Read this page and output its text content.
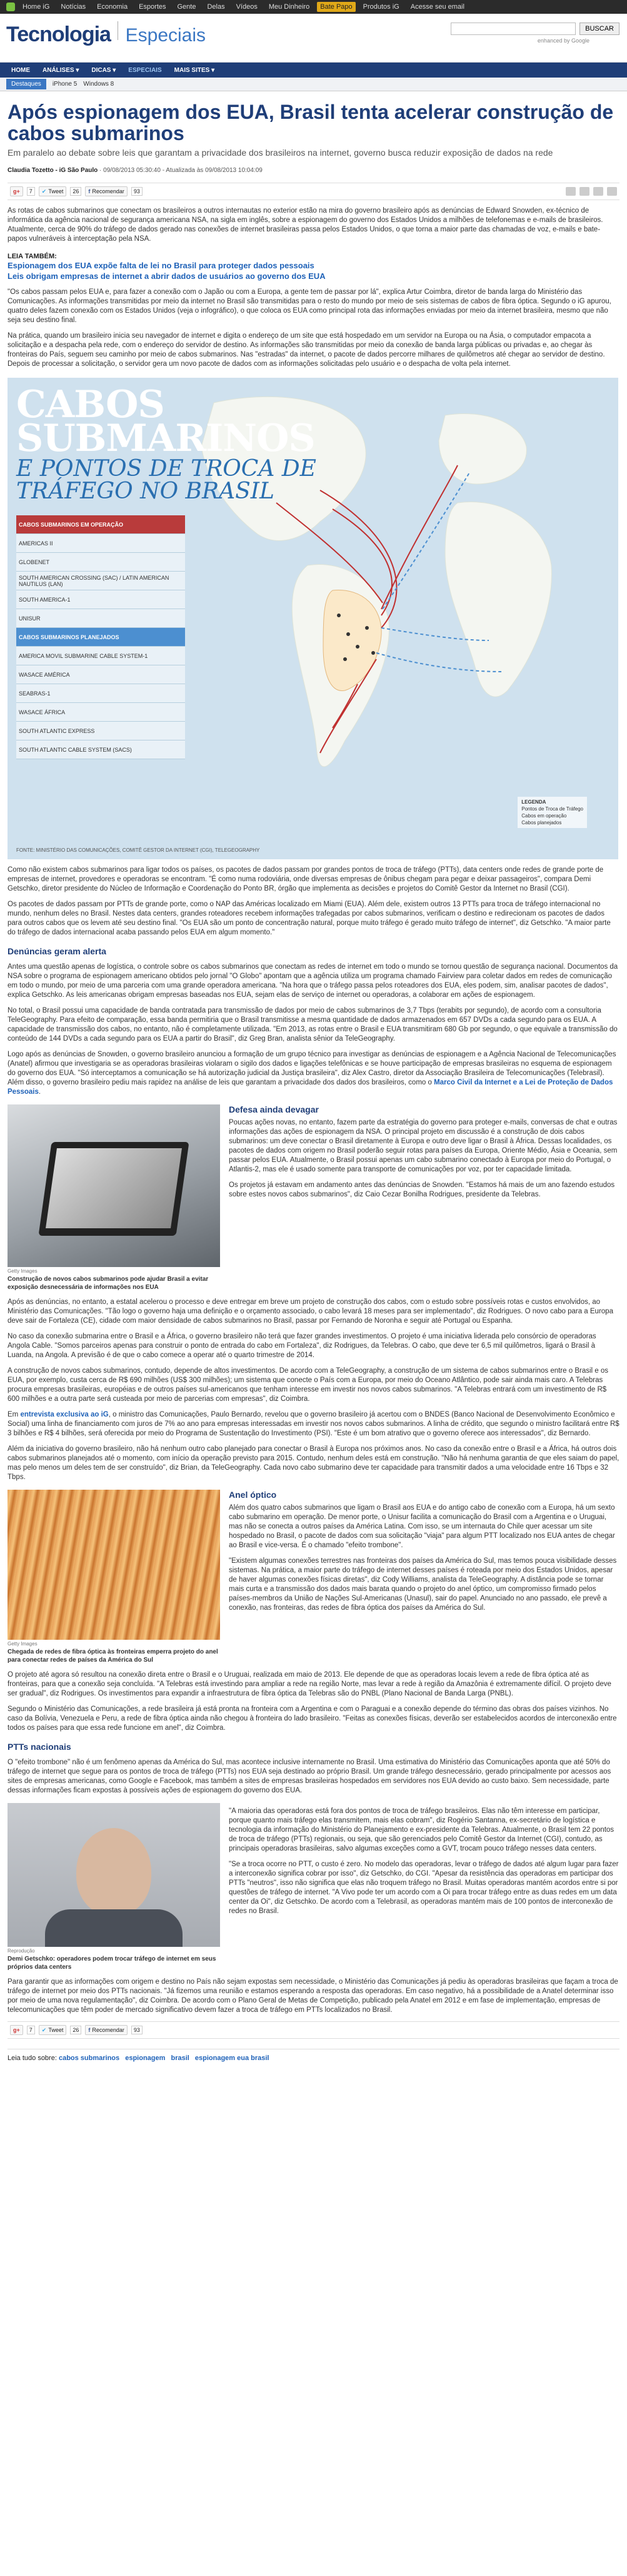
Home iG	Notícias	Economia	Esportes	Gente	Delas	Vídeos	Meu Dinheiro	Bate Papo	Produtos iG	Acesse seu email
Tecnologia Especiais	BUSCAR
enhanced by Google
HOME	ANÁLISES ▾	DICAS ▾	ESPECIAIS	MAIS SITES ▾
Destaques	iPhone 5 Windows 8
Após espionagem dos EUA, Brasil tenta acelerar construção de cabos submarinos

Em paralelo ao debate sobre leis que garantam a privacidade dos brasileiros na internet, governo busca reduzir exposição de dados na rede

Claudia Tozetto - iG São Paulo · 09/08/2013 05:30:40 - Atualizada às 09/08/2013 10:04:09

g+	7	✔ Tweet	26	f Recomendar	93

As rotas de cabos submarinos que conectam os brasileiros a outros internautas no exterior estão na mira do governo brasileiro após as denúncias de Edward Snowden, ex-técnico de informática da agência nacional de segurança americana NSA, na sigla em inglês, sobre a espionagem do governo dos Estados Unidos a milhões de telefonemas e e-mails de brasileiros. Atualmente, cerca de 90% do tráfego de dados gerado nas conexões de internet brasileiras passa pelos Estados Unidos, o que torna a maior parte das chamadas de voz, e-mails e bate-papos vulneráveis à interceptação pela NSA.

LEIA TAMBÉM:
Espionagem dos EUA expõe falta de lei no Brasil para proteger dados pessoais
Leis obrigam empresas de internet a abrir dados de usuários ao governo dos EUA

"Os cabos passam pelos EUA e, para fazer a conexão com o Japão ou com a Europa, a gente tem de passar por lá", explica Artur Coimbra, diretor de banda larga do Ministério das Comunicações. As informações transmitidas por meio da internet no Brasil são transmitidas para o resto do mundo por meio de seis sistemas de cabos de fibra óptica. Segundo o iG apurou, quatro deles fazem conexão com os Estados Unidos (veja o infográfico), o que coloca os EUA como principal rota das informações enviadas por meio da internet brasileira, mesmo que não seja seu destino final.

Na prática, quando um brasileiro inicia seu navegador de internet e digita o endereço de um site que está hospedado em um servidor na Europa ou na Ásia, o computador empacota a solicitação e a despacha pela rede, com o endereço do servidor de destino. As informações são transmitidas por meio da conexão de banda larga públicas ou privadas e, ao chegar às fronteiras do País, seguem seu caminho por meio de cabos submarinos. Nas "estradas" da internet, o pacote de dados percorre milhares de quilômetros até chegar ao servidor de destino. Depois de processar a solicitação, o servidor gera um novo pacote de dados com as informações solicitadas pelo usuário e o despacha de volta pela internet.

CABOS
SUBMARINOS
E PONTOS DE TROCA DE
TRÁFEGO NO BRASIL
CABOS SUBMARINOS EM OPERAÇÃO
AMERICAS II
GLOBENET
SOUTH AMERICAN CROSSING (SAC) / LATIN AMERICAN NAUTILUS (LAN)
SOUTH AMERICA-1
UNISUR
CABOS SUBMARINOS PLANEJADOS
AMERICA MOVIL SUBMARINE CABLE SYSTEM-1
WASACE AMÉRICA
SEABRAS-1
WASACE ÁFRICA
SOUTH ATLANTIC EXPRESS
SOUTH ATLANTIC CABLE SYSTEM (SACS)
LEGENDA
Pontos de Troca de Tráfego
Cabos em operação
Cabos planejados
FONTE: MINISTÉRIO DAS COMUNICAÇÕES, COMITÊ GESTOR DA INTERNET (CGI), TELEGEOGRAPHY

Como não existem cabos submarinos para ligar todos os países, os pacotes de dados passam por grandes pontos de troca de tráfego (PTTs), data centers onde redes de grande porte de empresas de internet, provedores e operadoras se encontram. "É como numa rodoviária, onde diversas empresas de ônibus chegam para pegar e deixar passageiros", compara Demi Getschko, diretor presidente do Núcleo de Informação e Coordenação do Ponto BR, órgão que implementa as decisões e projetos do Comitê Gestor da Internet no Brasil (CGI).

Os pacotes de dados passam por PTTs de grande porte, como o NAP das Américas localizado em Miami (EUA). Além dele, existem outros 13 PTTs para troca de tráfego internacional no mundo, nenhum deles no Brasil. Nestes data centers, grandes roteadores recebem informações trafegadas por cabos submarinos, verificam o destino e redirecionam os pacotes de dados para outros cabos que os levem até seu destino final. "Os EUA são um ponto de concentração natural, porque muito tráfego é gerado muito tráfego de internet", diz Getschko. "A maior parte do tráfego de dados internacional acaba passando pelos EUA em algum momento."

Denúncias geram alerta

Antes uma questão apenas de logística, o controle sobre os cabos submarinos que conectam as redes de internet em todo o mundo se tornou questão de segurança nacional. Documentos da NSA sobre o programa de espionagem americano obtidos pelo jornal "O Globo" apontam que a agência utiliza um programa chamado Fairview para coletar dados em redes de comunicação em todo o mundo, por meio de uma parceria com uma grande operadora americana. "Na hora que o tráfego passa pelos roteadores dos EUA, eles podem, sim, analisar pacotes de dados", explica Getschko. As leis americanas obrigam empresas baseadas nos EUA, sejam elas de serviço de internet ou operadoras, a colaborar em ações de espionagem.

No total, o Brasil possui uma capacidade de banda contratada para transmissão de dados por meio de cabos submarinos de 3,7 Tbps (terabits por segundo), de acordo com a consultoria TeleGeography. Para efeito de comparação, essa banda permitiria que o Brasil transmitisse a mesma quantidade de dados armazenados em 657 DVDs a cada segundo para os EUA. A capacidade de transmissão dos cabos, no entanto, não é completamente utilizada. "Em 2013, as rotas entre o Brasil e EUA transmitiram 680 Gb por segundo, o que equivale a transmissão do conteúdo de 144 DVDs a cada segundo para os EUA a partir do Brasil", diz Greg Bran, analista sênior da TeleGeography.

Logo após as denúncias de Snowden, o governo brasileiro anunciou a formação de um grupo técnico para investigar as denúncias de espionagem e a Agência Nacional de Telecomunicações (Anatel) afirmou que investigaria se as operadoras brasileiras violaram o sigilo dos dados e ligações telefônicas e se houve participação de empresas brasileiras no esquema de espionagem do governo dos EUA. "Só interceptamos a comunicação se há autorização judicial da Justiça brasileira", diz Alex Castro, diretor da Associação Brasileira de Telecomunicações (Telebrasil). Além disso, o governo brasileiro pediu mais rapidez na análise de leis que garantam a privacidade dos dados dos brasileiros, como o Marco Civil da Internet e a Lei de Proteção de Dados Pessoais.

Getty Images
Construção de novos cabos submarinos pode ajudar Brasil a evitar exposição desnecessária de informações nos EUA
Defesa ainda devagar

Poucas ações novas, no entanto, fazem parte da estratégia do governo para proteger e-mails, conversas de chat e outras informações das ações de espionagem da NSA. O principal projeto em discussão é a construção de dois cabos submarinos: um deve conectar o Brasil diretamente à Europa e outro deve ligar o Brasil à África. Dessas localidades, os pacotes de dados com origem no Brasil poderão seguir rotas para países da Europa, Oriente Médio, Ásia e Oceania, sem passar pelos EUA. Atualmente, o Brasil possui apenas um cabo submarino conectado à Europa por meio do Portugal, o Atlantis-2, mas ele é usado somente para transporte de comunicações por voz, por ter capacidade limitada.

Os projetos já estavam em andamento antes das denúncias de Snowden. "Estamos há mais de um ano fazendo estudos sobre estes novos cabos submarinos", diz Caio Cezar Bonilha Rodrigues, presidente da Telebras.

Após as denúncias, no entanto, a estatal acelerou o processo e deve entregar em breve um projeto de construção dos cabos, com o estudo sobre possíveis rotas e custos envolvidos, ao Ministério das Comunicações. "Tão logo o governo haja uma definição e o orçamento associado, o cabo levará 18 meses para ser implementado", diz Rodrigues. O novo cabo para a Europa deve sair de Fortaleza (CE), cidade com maior densidade de cabos submarinos no Brasil, passar por Fernando de Noronha e seguir até Portugal ou Espanha.

No caso da conexão submarina entre o Brasil e a África, o governo brasileiro não terá que fazer grandes investimentos. O projeto é uma iniciativa liderada pelo consórcio de operadoras Angola Cable. "Somos parceiros apenas para construir o ponto de entrada do cabo em Fortaleza", diz Rodrigues, da Telebras. O cabo, que deve ter 6,5 mil quilômetros, ligará o Brasil à Luanda, na Angola. A previsão é de que o cabo comece a operar até o quarto trimestre de 2014.

A construção de novos cabos submarinos, contudo, depende de altos investimentos. De acordo com a TeleGeography, a construção de um sistema de cabos submarinos entre o Brasil e os EUA, por exemplo, custa cerca de R$ 690 milhões (US$ 300 milhões); um sistema que conecte o País com a Europa, por meio do Oceano Atlântico, pode sair ainda mais caro. A Telebras procura empresas brasileiras, européias e de outros países sul-americanos que tenham interesse em investir nos novos cabos submarinos. "A Telebras entrará com um investimento de R$ 600 milhões e a outra parte será custeada por meio de parcerias com empresas", diz Coimbra.

Em entrevista exclusiva ao iG, o ministro das Comunicações, Paulo Bernardo, revelou que o governo brasileiro já acertou com o BNDES (Banco Nacional de Desenvolvimento Econômico e Social) uma linha de financiamento com juros de 7% ao ano para empresas interessadas em investir nos novos cabos submarinos. A linha de crédito, que segundo o ministro facilitará entre R$ 3 bilhões e R$ 4 bilhões, será oferecida por meio do Programa de Sustentação do Investimento (PSI). "Este é um bom atrativo que o governo oferece aos interessados", diz Bernardo.

Além da iniciativa do governo brasileiro, não há nenhum outro cabo planejado para conectar o Brasil à Europa nos próximos anos. No caso da conexão entre o Brasil e a África, há outros dois cabos submarinos planejados até o momento, com início da operação previsto para 2015. Contudo, nenhum deles está em construção. "Não há nenhuma garantia de que eles saiam do papel, mas pelo menos um deles tem de ser construído", diz Brian, da TeleGeography. Cada novo cabo submarino deve ter capacidade para transmitir dados a uma velocidade entre 16 Tbps e 32 Tbps.

Getty Images
Chegada de redes de fibra óptica às fronteiras emperra projeto do anel para conectar redes de países da América do Sul
Anel óptico

Além dos quatro cabos submarinos que ligam o Brasil aos EUA e do antigo cabo de conexão com a Europa, há um sexto cabo submarino em operação. De menor porte, o Unisur facilita a comunicação do Brasil com a Argentina e o Uruguai, mas não se conecta a outros países da América Latina. Com isso, se um internauta do Chile quer acessar um site hospedado no Brasil, o pacote de dados com sua solicitação "viaja" para algum PTT localizado nos EUA antes de chegar ao Brasil e vice-versa. É o chamado "efeito trombone".

"Existem algumas conexões terrestres nas fronteiras dos países da América do Sul, mas temos pouca visibilidade desses sistemas. Na prática, a maior parte do tráfego de internet desses países é roteada por meio dos Estados Unidos, apesar de haver algumas conexões físicas diretas", diz Cody Williams, analista da TeleGeography. A distância pode se tornar mais curta e a transmissão dos dados mais barata quando o projeto do anel óptico, um compromisso firmado pelos países-membros da União de Nações Sul-Americanas (Unasul), sair do papel. Anunciado no ano passado, ele prevê a conexão, nas fronteiras, das redes de fibra óptica dos países da América do Sul.

O projeto até agora só resultou na conexão direta entre o Brasil e o Uruguai, realizada em maio de 2013. Ele depende de que as operadoras locais levem a rede de fibra óptica até as fronteiras, para que a conexão seja concluída. "A Telebras está investindo para ampliar a rede na região Norte, mas levar a rede à região da Amazônia é extremamente difícil. O projeto deve ser gradual", diz Rodrigues. Os investimentos para expandir a infraestrutura de fibra óptica da Telebras são do PNBL (Plano Nacional de Banda Larga (PNBL).

Segundo o Ministério das Comunicações, a rede brasileira já está pronta na fronteira com a Argentina e com o Paraguai e a conexão depende do término das obras dos países vizinhos. No caso da Bolívia, Venezuela e Peru, a rede de fibra óptica ainda não chegou à fronteira do lado brasileiro. "Feitas as conexões físicas, deverão ser estabelecidos acordos de interconexão entre todos os países para que essa rede funcione em anel", diz Coimbra.

PTTs nacionais

O "efeito trombone" não é um fenômeno apenas da América do Sul, mas acontece inclusive internamente no Brasil. Uma estimativa do Ministério das Comunicações aponta que até 50% do tráfego de internet que segue para os pontos de troca de tráfego (PTTs) nos EUA seja destinado ao próprio Brasil. Um grande tráfego desnecessário, gerado principalmente por acessos aos sites de empresas americanas, como Google e Facebook, mas também a sites de empresas brasileiras hospedados em servidores nos EUA devido ao custo baixo. Sem necessidade, parte dessas informações ficam expostas à possíveis ações de espionagem do governo dos EUA.

Reprodução
Demi Getschko: operadores podem trocar tráfego de internet em seus próprios data centers

"A maioria das operadoras está fora dos pontos de troca de tráfego brasileiros. Elas não têm interesse em participar, porque quanto mais tráfego elas transmitem, mais elas cobram", diz Rogério Santanna, ex-secretário de logística e tecnologia da informação do Ministério do Planejamento e ex-presidente da Telebras. Atualmente, o Brasil tem 22 pontos de troca de tráfego (PTTs) regionais, ou seja, que são gerenciados pelo Comitê Gestor da Internet (CGI), contudo, as principais operadoras brasileiras, salvo algumas exceções como a GVT, trocam pouco tráfego nesses data centers.

"Se a troca ocorre no PTT, o custo é zero. No modelo das operadoras, levar o tráfego de dados até algum lugar para fazer a interconexão significa cobrar por isso", diz Getschko, do CGI. "Apesar da resistência das operadoras em participar dos PTTs "neutros", isso não significa que elas não troquem tráfego no Brasil. Muitas operadoras mantém acordos entre si por questões de tráfego de internet. "A Vivo pode ter um acordo com a Oi para trocar tráfego entre as duas redes em um data center da Oi", diz Getschko. De acordo com a Telebrasil, as operadoras mantém mais de 100 pontos de interconexão de redes no Brasil.

Para garantir que as informações com origem e destino no País não sejam expostas sem necessidade, o Ministério das Comunicações já pediu às operadoras brasileiras que façam a troca de tráfego de internet por meio dos PTTs nacionais. "Já fizemos uma reunião e estamos esperando a resposta das operadoras. Em caso negativo, há a possibilidade de a Anatel determinar isso por meio de uma nova regulamentação", diz Coimbra. De acordo com o Plano Geral de Metas de Competição, publicado pela Anatel em 2012 e em fase de implementação, empresas de telecomunicações que têm poder de mercado significativo devem fazer a troca de tráfego em PTTs localizados no Brasil.

g+	7	✔ Tweet	26	f Recomendar	93
Leia tudo sobre: cabos submarinos espionagem brasil espionagem eua brasil
